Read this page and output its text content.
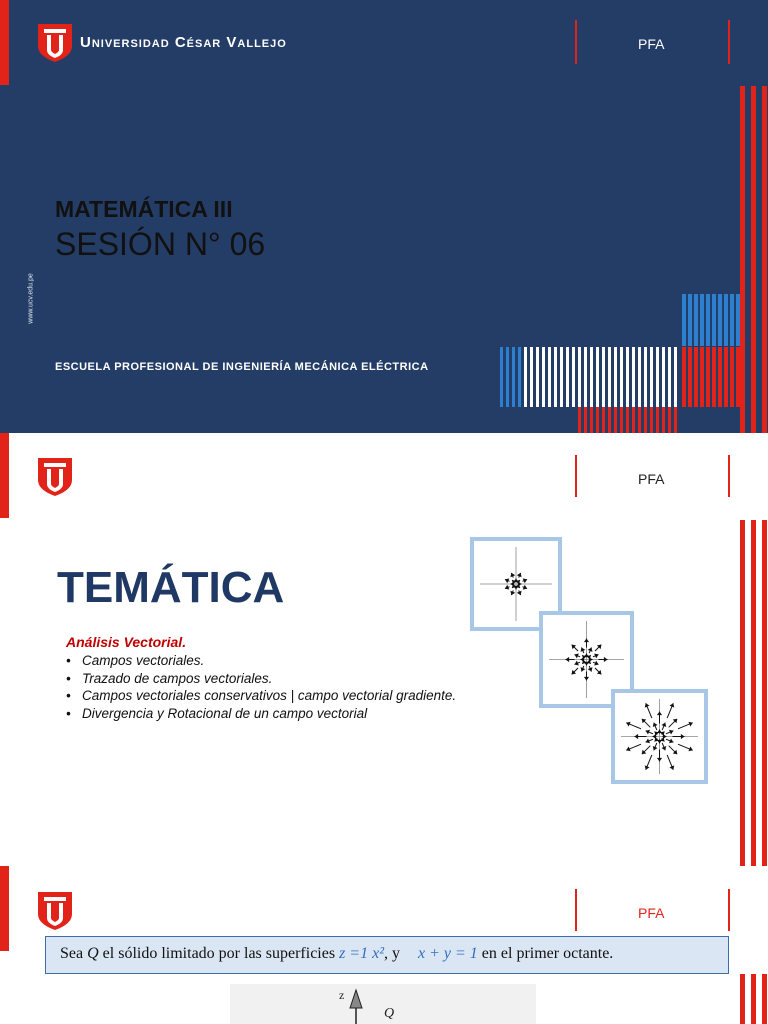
Universidad César Vallejo	PFA
MATEMÁTICA III
SESIÓN N° 06
ESCUELA PROFESIONAL DE INGENIERÍA MECÁNICA ELÉCTRICA
www.ucv.edu.pe
PFA
TEMÁTICA
Análisis Vectorial.
• Campos vectoriales.
• Trazado de campos vectoriales.
• Campos vectoriales conservativos | campo vectorial gradiente.
• Divergencia y Rotacional de un campo vectorial
PFA
Sea Q el sólido limitado por las superficies z =1 x², y x + y = 1 en el primer octante.
z
Q
